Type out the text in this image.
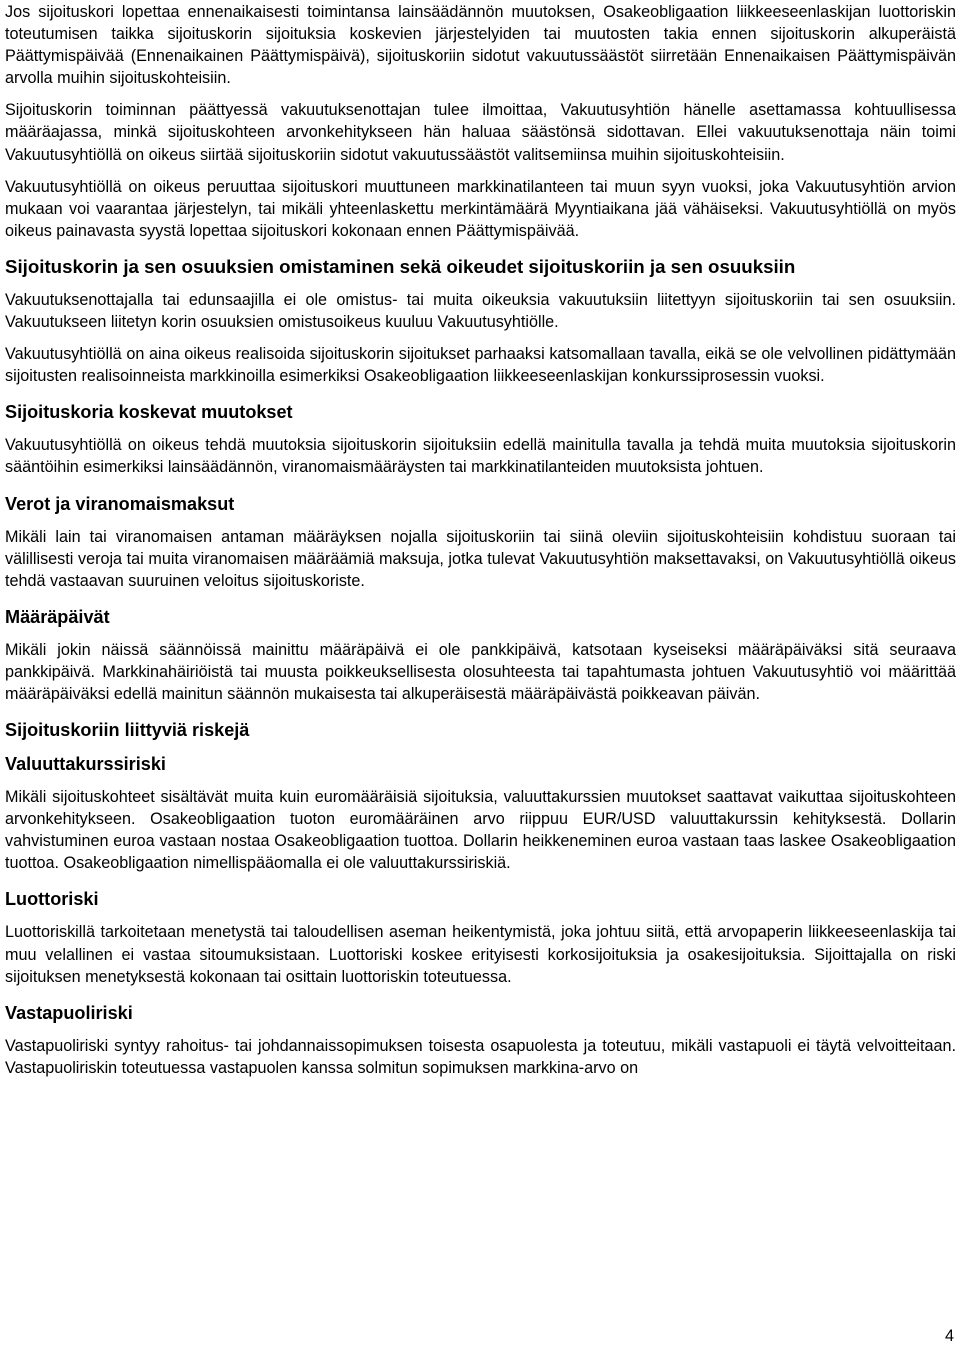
Jos sijoituskori lopettaa ennenaikaisesti toimintansa lainsäädännön muutoksen, Osakeobligaation liikkeeseenlaskijan luottoriskin toteutumisen taikka sijoituskorin sijoituksia koskevien järjestelyiden tai muutosten takia ennen sijoituskorin alkuperäistä Päättymispäivää (Ennenaikainen Päättymispäivä), sijoituskoriin sidotut vakuutussäästöt siirretään Ennenaikaisen Päättymispäivän arvolla muihin sijoituskohteisiin.

Sijoituskorin toiminnan päättyessä vakuutuksenottajan tulee ilmoittaa, Vakuutusyhtiön hänelle asettamassa kohtuullisessa määräajassa, minkä sijoituskohteen arvonkehitykseen hän haluaa säästönsä sidottavan. Ellei vakuutuksenottaja näin toimi Vakuutusyhtiöllä on oikeus siirtää sijoituskoriin sidotut vakuutussäästöt valitsemiinsa muihin sijoituskohteisiin.

Vakuutusyhtiöllä on oikeus peruuttaa sijoituskori muuttuneen markkinatilanteen tai muun syyn vuoksi, joka Vakuutusyhtiön arvion mukaan voi vaarantaa järjestelyn, tai mikäli yhteenlaskettu merkintämäärä Myyntiaikana jää vähäiseksi. Vakuutusyhtiöllä on myös oikeus painavasta syystä lopettaa sijoituskori kokonaan ennen Päättymispäivää.

Sijoituskorin ja sen osuuksien omistaminen sekä oikeudet sijoituskoriin ja sen osuuksiin

Vakuutuksenottajalla tai edunsaajilla ei ole omistus- tai muita oikeuksia vakuutuksiin liitettyyn sijoituskoriin tai sen osuuksiin. Vakuutukseen liitetyn korin osuuksien omistusoikeus kuuluu Vakuutusyhtiölle.

Vakuutusyhtiöllä on aina oikeus realisoida sijoituskorin sijoitukset parhaaksi katsomallaan tavalla, eikä se ole velvollinen pidättymään sijoitusten realisoinneista markkinoilla esimerkiksi Osakeobligaation liikkeeseenlaskijan konkurssiprosessin vuoksi.

Sijoituskoria koskevat muutokset

Vakuutusyhtiöllä on oikeus tehdä muutoksia sijoituskorin sijoituksiin edellä mainitulla tavalla ja tehdä muita muutoksia sijoituskorin sääntöihin esimerkiksi lainsäädännön, viranomaismääräysten tai markkinatilanteiden muutoksista johtuen.

Verot ja viranomaismaksut

Mikäli lain tai viranomaisen antaman määräyksen nojalla sijoituskoriin tai siinä oleviin sijoituskohteisiin kohdistuu suoraan tai välillisesti veroja tai muita viranomaisen määräämiä maksuja, jotka tulevat Vakuutusyhtiön maksettavaksi, on Vakuutusyhtiöllä oikeus tehdä vastaavan suuruinen veloitus sijoituskoriste.

Määräpäivät

Mikäli jokin näissä säännöissä mainittu määräpäivä ei ole pankkipäivä, katsotaan kyseiseksi määräpäiväksi sitä seuraava pankkipäivä. Markkinahäiriöistä tai muusta poikkeuksellisesta olosuhteesta tai tapahtumasta johtuen Vakuutusyhtiö voi määrittää määräpäiväksi edellä mainitun säännön mukaisesta tai alkuperäisestä määräpäivästä poikkeavan päivän.

Sijoituskoriin liittyviä riskejä
Valuuttakurssiriski

Mikäli sijoituskohteet sisältävät muita kuin euromääräisiä sijoituksia, valuuttakurssien muutokset saattavat vaikuttaa sijoituskohteen arvonkehitykseen. Osakeobligaation tuoton euromääräinen arvo riippuu EUR/USD valuuttakurssin kehityksestä. Dollarin vahvistuminen euroa vastaan nostaa Osakeobligaation tuottoa. Dollarin heikkeneminen euroa vastaan taas laskee Osakeobligaation tuottoa. Osakeobligaation nimellispääomalla ei ole valuuttakurssiriskiä.

Luottoriski

Luottoriskillä tarkoitetaan menetystä tai taloudellisen aseman heikentymistä, joka johtuu siitä, että arvopaperin liikkeeseenlaskija tai muu velallinen ei vastaa sitoumuksistaan. Luottoriski koskee erityisesti korkosijoituksia ja osakesijoituksia. Sijoittajalla on riski sijoituksen menetyksestä kokonaan tai osittain luottoriskin toteutuessa.

Vastapuoliriski

Vastapuoliriski syntyy rahoitus- tai johdannaissopimuksen toisesta osapuolesta ja toteutuu, mikäli vastapuoli ei täytä velvoitteitaan. Vastapuoliriskin toteutuessa vastapuolen kanssa solmitun sopimuksen markkina-arvo on

4
